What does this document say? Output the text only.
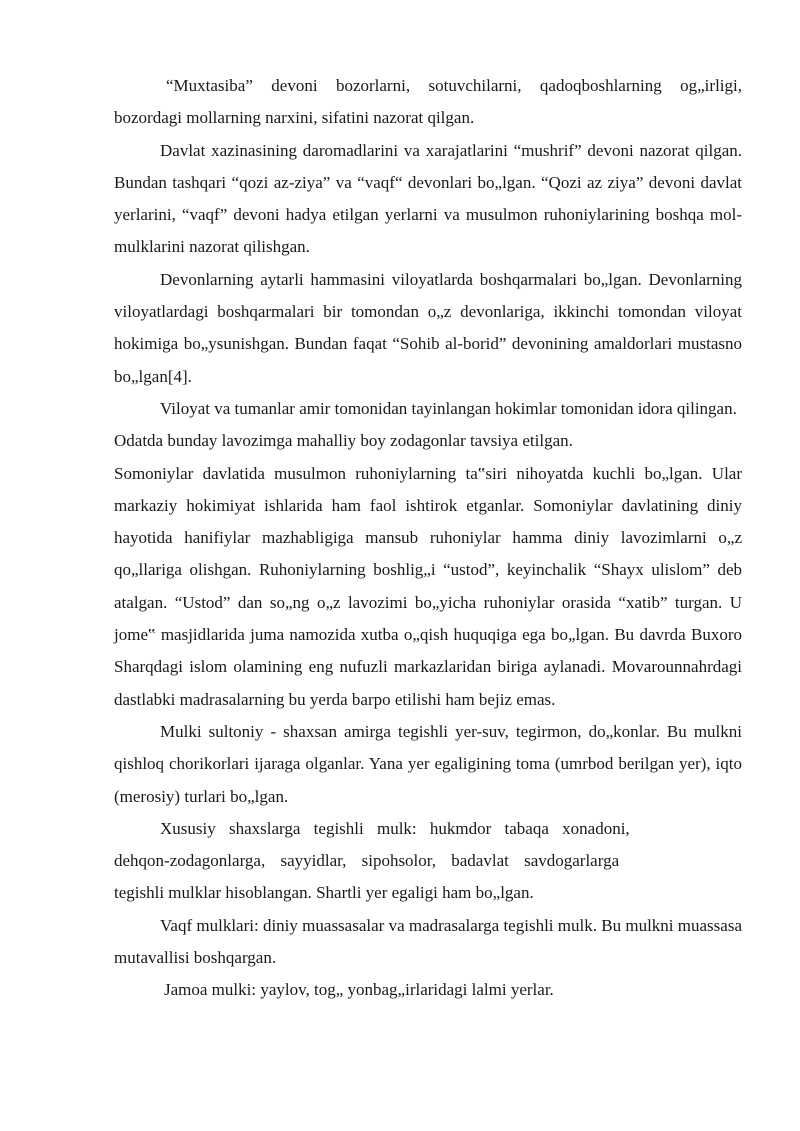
“Muxtasiba” devoni bozorlarni, sotuvchilarni, qadoqboshlarning og„irligi, bozordagi mollarning narxini, sifatini nazorat qilgan.

Davlat xazinasining daromadlarini va xarajatlarini “mushrif” devoni nazorat qilgan. Bundan tashqari “qozi az-ziya” va “vaqf“ devonlari bo„lgan. “Qozi az ziya” devoni davlat yerlarini, “vaqf” devoni hadya etilgan yerlarni va musulmon ruhoniylarining boshqa mol-mulklarini nazorat qilishgan.

Devonlarning aytarli hammasini viloyatlarda boshqarmalari bo„lgan. Devonlarning viloyatlardagi boshqarmalari bir tomondan o„z devonlariga, ikkinchi tomondan viloyat hokimiga bo„ysunishgan. Bundan faqat “Sohib al-borid” devonining amaldorlari mustasno bo„lgan[4].

Viloyat va tumanlar amir tomonidan tayinlangan hokimlar tomonidan idora qilingan. Odatda bunday lavozimga mahalliy boy zodagonlar tavsiya etilgan.

Somoniylar davlatida musulmon ruhoniylarning ta‟siri nihoyatda kuchli bo„lgan. Ular markaziy hokimiyat ishlarida ham faol ishtirok etganlar. Somoniylar davlatining diniy hayotida hanifiylar mazhabligiga mansub ruhoniylar hamma diniy lavozimlarni o„z qo„llariga olishgan. Ruhoniylarning boshlig„i “ustod”, keyinchalik “Shayx ulislom” deb atalgan. “Ustod” dan so„ng o„z lavozimi bo„yicha ruhoniylar orasida “xatib” turgan. U jome‟ masjidlarida juma namozida xutba o„qish huquqiga ega bo„lgan. Bu davrda Buxoro Sharqdagi islom olamining eng nufuzli markazlaridan biriga aylanadi. Movarounnahrdagi dastlabki madrasalarning bu yerda barpo etilishi ham bejiz emas.

Mulki sultoniy - shaxsan amirga tegishli yer-suv, tegirmon, do„konlar. Bu mulkni qishloq chorikorlari ijaraga olganlar. Yana yer egaligining toma (umrbod berilgan yer), iqto (merosiy) turlari bo„lgan.

Xususiy shaxslarga tegishli mulk: hukmdor tabaqa xonadoni,
dehqon-zodagonlarga, sayyidlar, sipohsolor, badavlat savdogarlarga
tegishli mulklar hisoblangan. Shartli yer egaligi ham bo„lgan.

Vaqf mulklari: diniy muassasalar va madrasalarga tegishli mulk. Bu mulkni muassasa mutavallisi boshqargan.

Jamoa mulki: yaylov, tog„ yonbag„irlaridagi lalmi yerlar.
